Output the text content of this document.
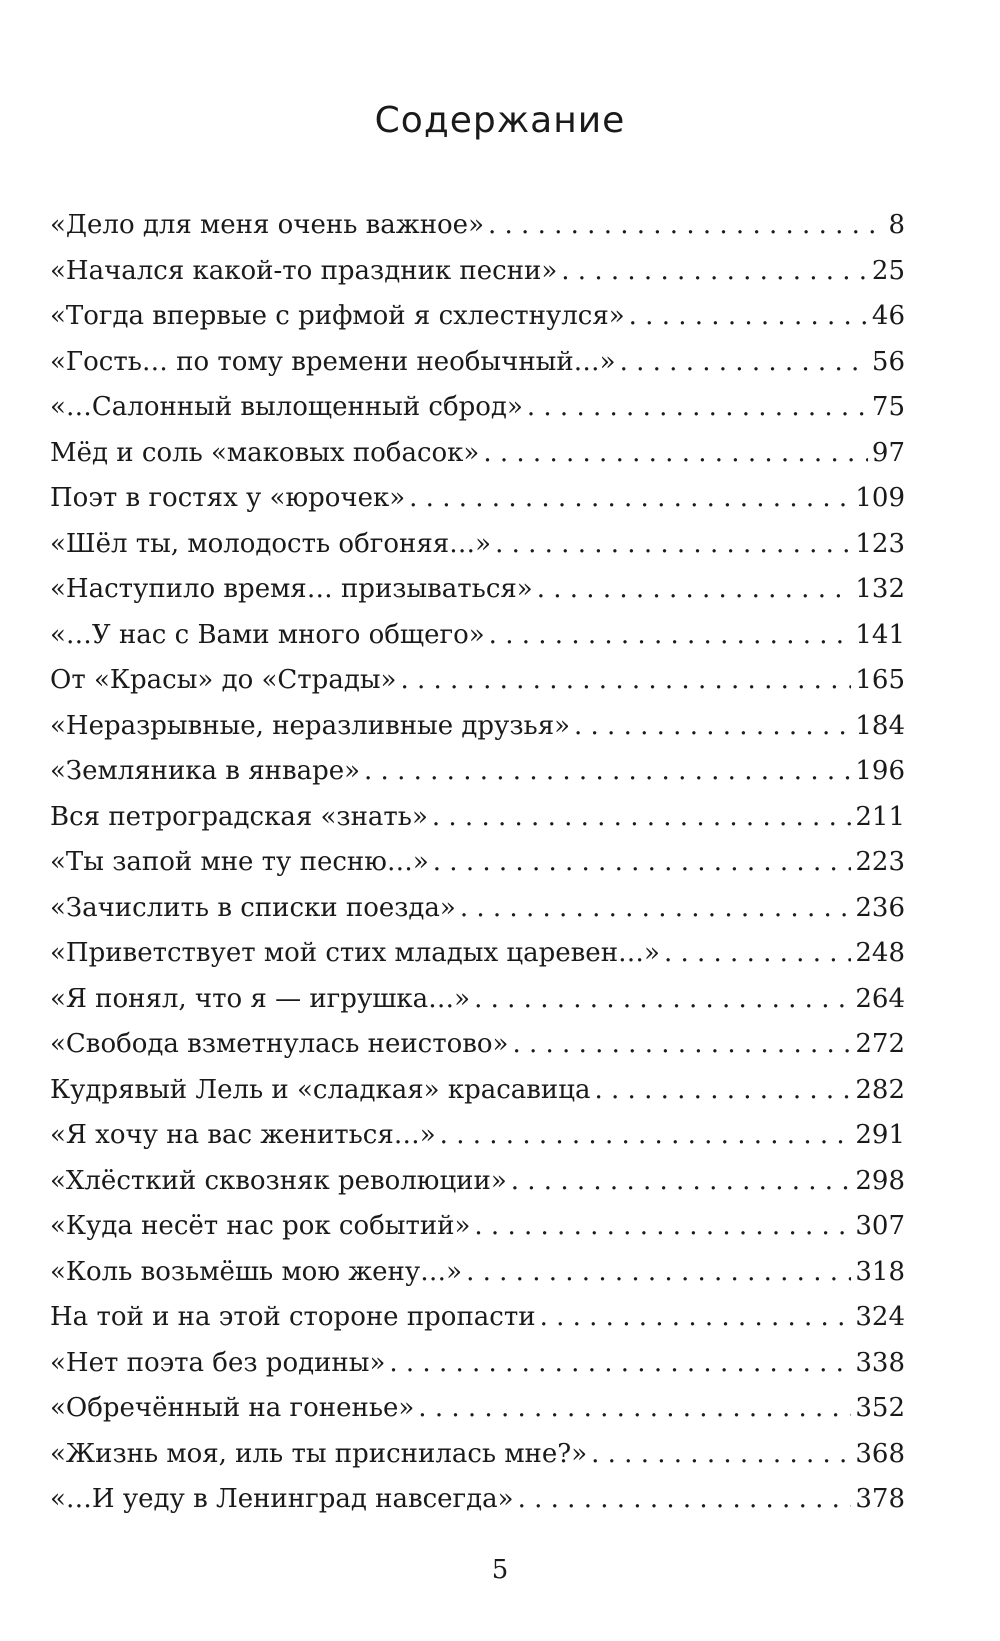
Содержание
«Дело для меня очень важное» . . .	8
«Начался какой-то праздник песни» . . .	25
«Тогда впервые с рифмой я схлестнулся» . . .	46
«Гость… по тому времени необычный…» . . .	56
«…Салонный вылощенный сброд» . . .	75
Мёд и соль «маковых побасок» . . .	97
Поэт в гостях у «юрочек» . . .	109
«Шёл ты, молодость обгоняя…» . . .	123
«Наступило время… призываться» . . .	132
«…У нас с Вами много общего» . . .	141
От «Красы» до «Страды» . . .	165
«Неразрывные, неразливные друзья» . . .	184
«Земляника в январе» . . .	196
Вся петроградская «знать» . . .	211
«Ты запой мне ту песню…» . . .	223
«Зачислить в списки поезда» . . .	236
«Приветствует мой стих младых царевен…» . . .	248
«Я понял, что я — игрушка…» . . .	264
«Свобода взметнулась неистово» . . .	272
Кудрявый Лель и «сладкая» красавица . . .	282
«Я хочу на вас жениться…» . . .	291
«Хлёсткий сквозняк революции» . . .	298
«Куда несёт нас рок событий» . . .	307
«Коль возьмёшь мою жену…» . . .	318
На той и на этой стороне пропасти . . .	324
«Нет поэта без родины» . . .	338
«Обречённый на гоненье» . . .	352
«Жизнь моя, иль ты приснилась мне?» . . .	368
«…И уеду в Ленинград навсегда» . . .	378
5
